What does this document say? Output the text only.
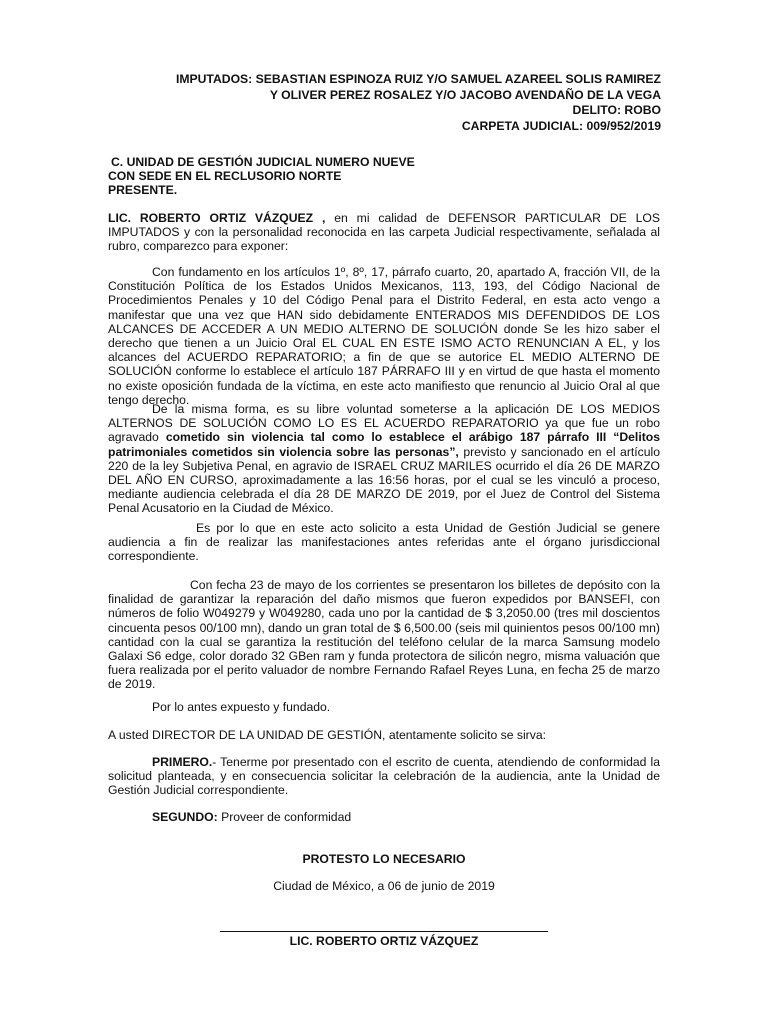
IMPUTADOS: SEBASTIAN ESPINOZA RUIZ Y/O SAMUEL AZAREEL SOLIS RAMIREZ
Y OLIVER PEREZ ROSALEZ Y/O JACOBO AVENDAÑO DE LA VEGA
DELITO: ROBO
CARPETA JUDICIAL: 009/952/2019
C. UNIDAD DE GESTIÓN JUDICIAL NUMERO NUEVE
CON SEDE EN EL RECLUSORIO NORTE
PRESENTE.

LIC. ROBERTO ORTIZ VÁZQUEZ , en mi calidad de DEFENSOR PARTICULAR DE LOS IMPUTADOS y con la personalidad reconocida en las carpeta Judicial respectivamente, señalada al rubro, comparezco para exponer:

Con fundamento en los artículos 1º, 8º, 17, párrafo cuarto, 20, apartado A, fracción VII, de la Constitución Política de los Estados Unidos Mexicanos, 113, 193, del Código Nacional de Procedimientos Penales y 10 del Código Penal para el Distrito Federal, en esta acto vengo a manifestar que una vez que HAN sido debidamente ENTERADOS MIS DEFENDIDOS DE LOS ALCANCES DE ACCEDER A UN MEDIO ALTERNO DE SOLUCIÓN donde Se les hizo saber el derecho que tienen a un Juicio Oral EL CUAL EN ESTE ISMO ACTO RENUNCIAN A EL, y los alcances del ACUERDO REPARATORIO; a fin de que se autorice EL MEDIO ALTERNO DE SOLUCIÓN conforme lo establece el artículo 187 PÁRRAFO III y en virtud de que hasta el momento no existe oposición fundada de la víctima, en este acto manifiesto que renuncio al Juicio Oral al que tengo derecho.

De la misma forma, es su libre voluntad someterse a la aplicación DE LOS MEDIOS ALTERNOS DE SOLUCIÓN COMO LO ES EL ACUERDO REPARATORIO ya que fue un robo agravado cometido sin violencia tal como lo establece el arábigo 187 párrafo III “Delitos patrimoniales cometidos sin violencia sobre las personas”, previsto y sancionado en el artículo 220 de la ley Subjetiva Penal, en agravio de ISRAEL CRUZ MARILES ocurrido el día 26 DE MARZO DEL AÑO EN CURSO, aproximadamente a las 16:56 horas, por el cual se les vinculó a proceso, mediante audiencia celebrada el día 28 DE MARZO DE 2019, por el Juez de Control del Sistema Penal Acusatorio en la Ciudad de México.

Es por lo que en este acto solicito a esta Unidad de Gestión Judicial se genere audiencia a fin de realizar las manifestaciones antes referidas ante el órgano jurisdiccional correspondiente.

Con fecha 23 de mayo de los corrientes se presentaron los billetes de depósito con la finalidad de garantizar la reparación del daño mismos que fueron expedidos por BANSEFI, con números de folio W049279 y W049280, cada uno por la cantidad de $ 3,2050.00 (tres mil doscientos cincuenta pesos 00/100 mn), dando un gran total de $ 6,500.00 (seis mil quinientos pesos 00/100 mn) cantidad con la cual se garantiza la restitución del teléfono celular de la marca Samsung modelo Galaxi S6 edge, color dorado 32 GBen ram y funda protectora de silicón negro, misma valuación que fuera realizada por el perito valuador de nombre Fernando Rafael Reyes Luna, en fecha 25 de marzo de 2019.

Por lo antes expuesto y fundado.

A usted DIRECTOR DE LA UNIDAD DE GESTIÓN, atentamente solicito se sirva:

PRIMERO.- Tenerme por presentado con el escrito de cuenta, atendiendo de conformidad la solicitud planteada, y en consecuencia solicitar la celebración de la audiencia, ante la Unidad de Gestión Judicial correspondiente.

SEGUNDO: Proveer de conformidad

PROTESTO LO NECESARIO

Ciudad de México, a 06 de junio de 2019

LIC. ROBERTO ORTIZ VÁZQUEZ
